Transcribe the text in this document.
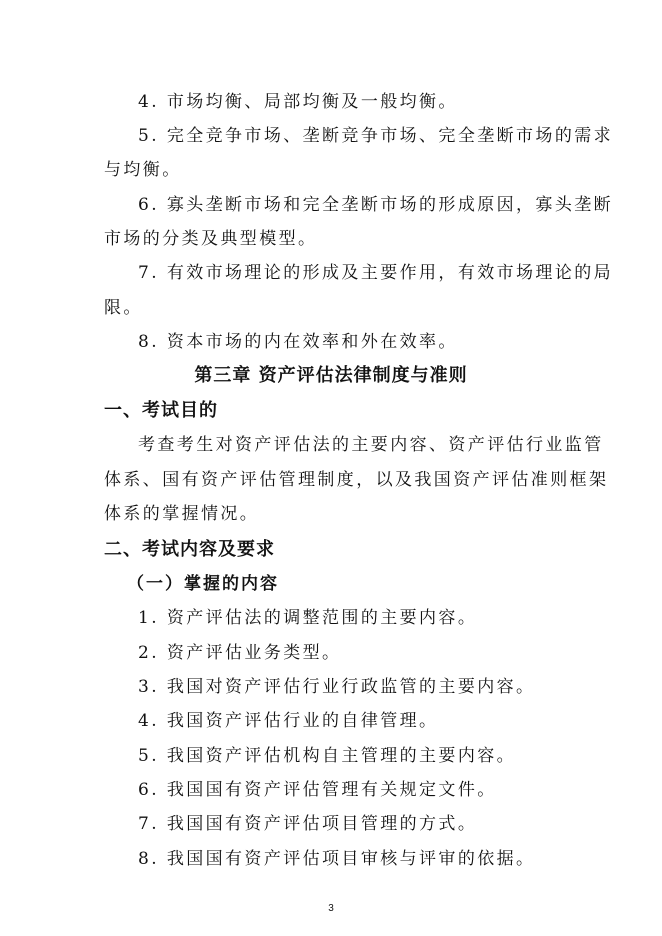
4. 市场均衡、局部均衡及一般均衡。
5. 完全竞争市场、垄断竞争市场、完全垄断市场的需求
与均衡。
6. 寡头垄断市场和完全垄断市场的形成原因，寡头垄断
市场的分类及典型模型。
7. 有效市场理论的形成及主要作用，有效市场理论的局
限。
8. 资本市场的内在效率和外在效率。
第三章 资产评估法律制度与准则
一、考试目的
考查考生对资产评估法的主要内容、资产评估行业监管
体系、国有资产评估管理制度，以及我国资产评估准则框架
体系的掌握情况。
二、考试内容及要求
（一）掌握的内容
1. 资产评估法的调整范围的主要内容。
2. 资产评估业务类型。
3. 我国对资产评估行业行政监管的主要内容。
4. 我国资产评估行业的自律管理。
5. 我国资产评估机构自主管理的主要内容。
6. 我国国有资产评估管理有关规定文件。
7. 我国国有资产评估项目管理的方式。
8. 我国国有资产评估项目审核与评审的依据。
3
